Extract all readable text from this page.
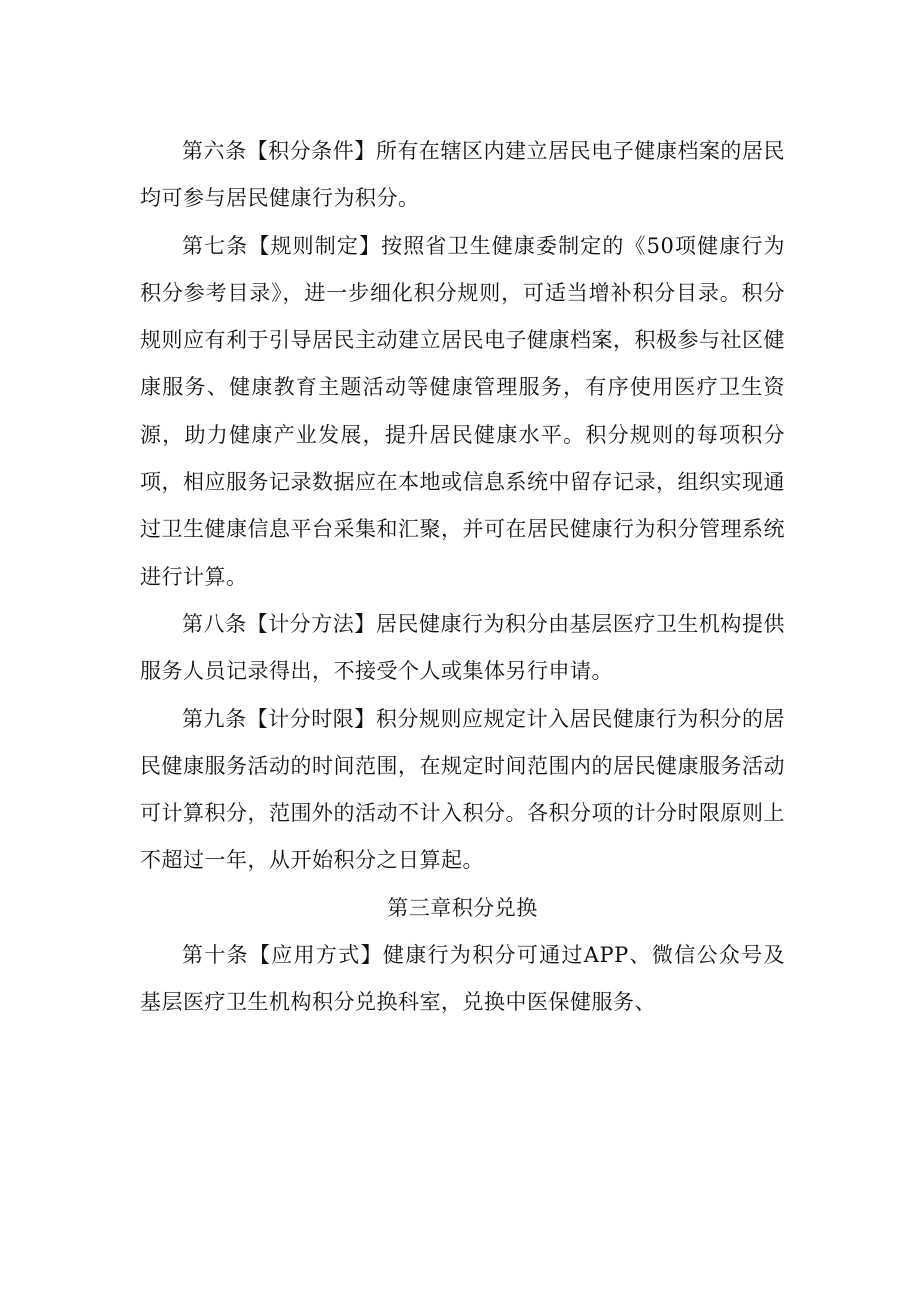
第六条【积分条件】所有在辖区内建立居民电子健康档案的居民均可参与居民健康行为积分。

第七条【规则制定】按照省卫生健康委制定的《50项健康行为积分参考目录》，进一步细化积分规则，可适当增补积分目录。积分规则应有利于引导居民主动建立居民电子健康档案，积极参与社区健康服务、健康教育主题活动等健康管理服务，有序使用医疗卫生资源，助力健康产业发展，提升居民健康水平。积分规则的每项积分项，相应服务记录数据应在本地或信息系统中留存记录，组织实现通过卫生健康信息平台采集和汇聚，并可在居民健康行为积分管理系统进行计算。

第八条【计分方法】居民健康行为积分由基层医疗卫生机构提供服务人员记录得出，不接受个人或集体另行申请。

第九条【计分时限】积分规则应规定计入居民健康行为积分的居民健康服务活动的时间范围，在规定时间范围内的居民健康服务活动可计算积分，范围外的活动不计入积分。各积分项的计分时限原则上不超过一年，从开始积分之日算起。

第三章积分兑换

第十条【应用方式】健康行为积分可通过APP、微信公众号及基层医疗卫生机构积分兑换科室，兑换中医保健服务、
